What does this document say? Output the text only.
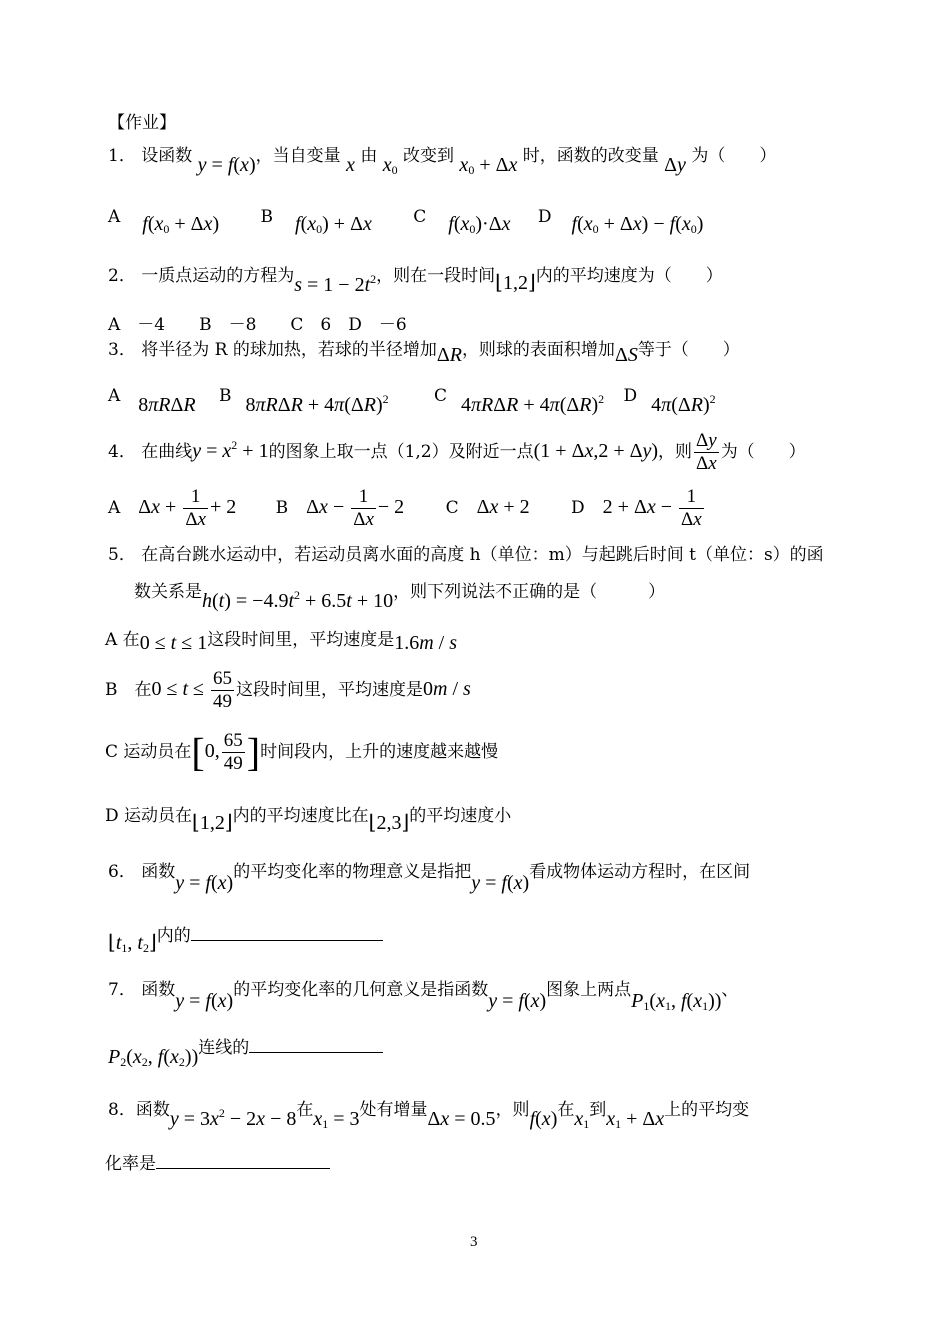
【作业】
1． 设函数 y = f(x)，当自变量 x 由 $x_0$ 改变到 $x_0 + \Delta x$ 时，函数的改变量 Δy 为（　　）
A $f(x_0 + \Delta x)$ B $f(x_0) + \Delta x$ C $f(x_0)\cdot\Delta x$ D $f(x_0 + \Delta x) - f(x_0)$
2． 一质点运动的方程为$s = 1 - 2t^2$，则在一段时间⌊1,2⌋内的平均速度为（　　）
A　－4　　B　－8　　C　6　D　－6
3． 将半径为 R 的球加热，若球的半径增加ΔR，则球的表面积增加ΔS等于（　　）
A 8πRΔR B $8\pi R\Delta R + 4\pi(\Delta R)^2$	C $4\pi R\Delta R + 4\pi(\Delta R)^2$ D $4\pi(\Delta R)^2$
4． 在曲线$y = x^2 + 1$的图象上取一点（1,2）及附近一点(1 + Δx,2 + Δy)，则 $\frac{\Delta y}{\Delta x}$ 为（　　）
A $\Delta x + \frac{1}{\Delta x} + 2$ B $\Delta x - \frac{1}{\Delta x} - 2$ C Δx + 2 D $2 + \Delta x - \frac{1}{\Delta x}$
5． 在高台跳水运动中，若运动员离水面的高度 h（单位：m）与起跳后时间 t（单位：s）的函
数关系是$h(t) = -4.9t^2 + 6.5t + 10$，则下列说法不正确的是（　　　）
A 在0 ≤ t ≤ 1这段时间里，平均速度是1.6m / s
B　在$0 \le t \le \frac{65}{49}$ 这段时间里，平均速度是0m / s
C 运动员在[0, $\frac{65}{49}$ ]时间段内，上升的速度越来越慢
D 运动员在⌊1,2⌋内的平均速度比在⌊2,3⌋的平均速度小
6． 函数y = f(x)的平均变化率的物理意义是指把y = f(x)看成物体运动方程时，在区间
$⌊t_1$, $t_2⌋$内的
7． 函数y = f(x)的平均变化率的几何意义是指函数y = f(x)图象上两点$P_1(x_1$, $f(x_1)$)、
$P_2(x_2$, $f(x_2)$)连线的
8．函数$y = 3x^2 - 2x - 8$在$x_1 = 3$处有增量Δx = 0.5，则f(x)在$x_1$到$x_1 + \Delta x$上的平均变
化率是
3
